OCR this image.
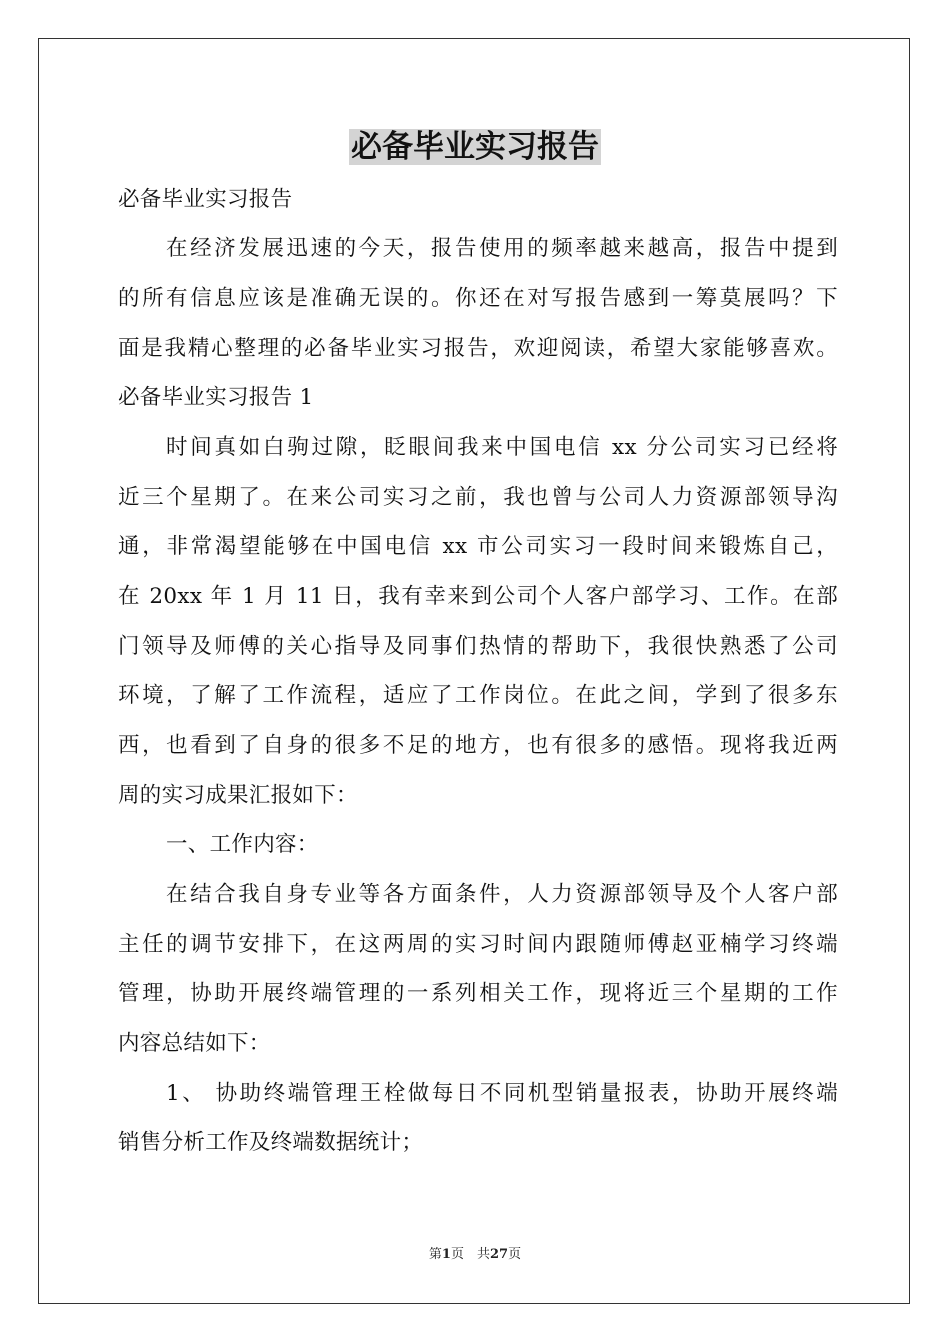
必备毕业实习报告
必备毕业实习报告
在经济发展迅速的今天，报告使用的频率越来越高，报告中提到
的所有信息应该是准确无误的。你还在对写报告感到一筹莫展吗？下
面是我精心整理的必备毕业实习报告，欢迎阅读，希望大家能够喜欢。
必备毕业实习报告 1
时间真如白驹过隙，眨眼间我来中国电信 xx 分公司实习已经将
近三个星期了。在来公司实习之前，我也曾与公司人力资源部领导沟
通，非常渴望能够在中国电信 xx 市公司实习一段时间来锻炼自己，
在 20xx 年 1 月 11 日，我有幸来到公司个人客户部学习、工作。在部
门领导及师傅的关心指导及同事们热情的帮助下，我很快熟悉了公司
环境，了解了工作流程，适应了工作岗位。在此之间，学到了很多东
西，也看到了自身的很多不足的地方，也有很多的感悟。现将我近两
周的实习成果汇报如下：
一、工作内容：
在结合我自身专业等各方面条件，人力资源部领导及个人客户部
主任的调节安排下，在这两周的实习时间内跟随师傅赵亚楠学习终端
管理，协助开展终端管理的一系列相关工作，现将近三个星期的工作
内容总结如下：
1、 协助终端管理王栓做每日不同机型销量报表，协助开展终端
销售分析工作及终端数据统计；
第1页　共27页
